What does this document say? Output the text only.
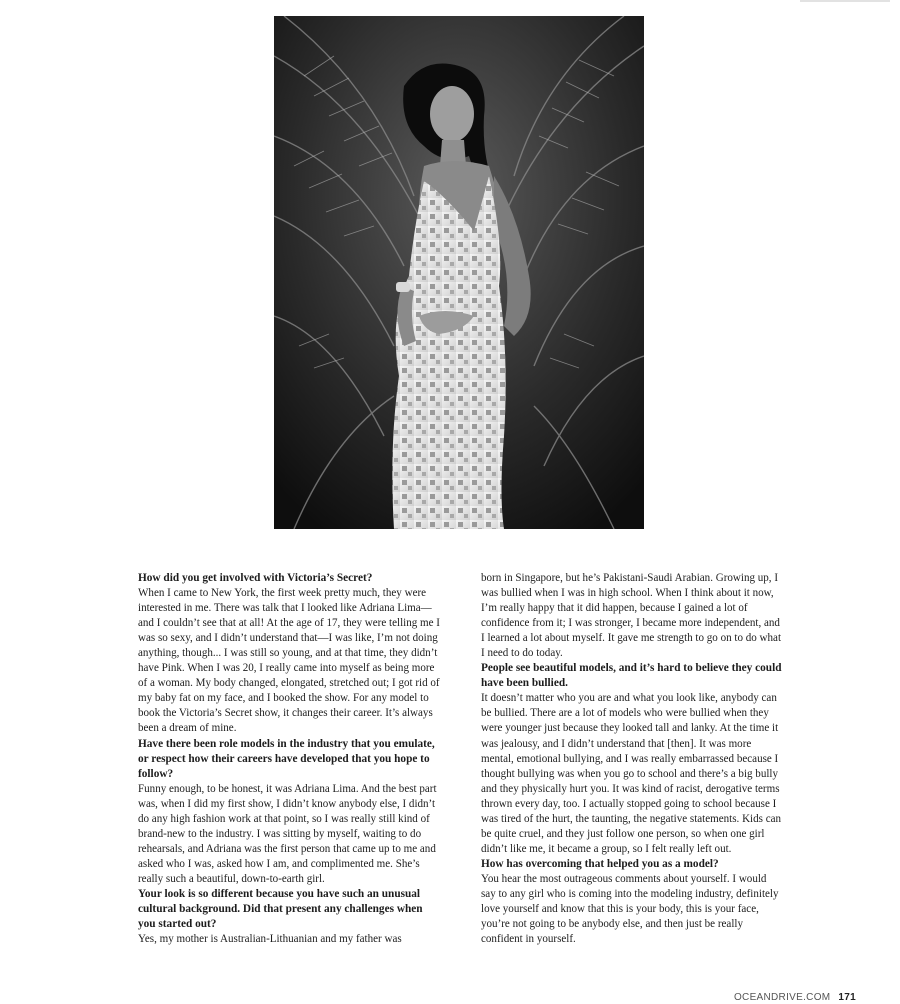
How did you get involved with Victoria’s Secret?

When I came to New York, the first week pretty much, they were interested in me. There was talk that I looked like Adriana Lima—and I couldn’t see that at all! At the age of 17, they were telling me I was so sexy, and I didn’t understand that—I was like, I’m not doing anything, though... I was still so young, and at that time, they didn’t have Pink. When I was 20, I really came into myself as being more of a woman. My body changed, elongated, stretched out; I got rid of my baby fat on my face, and I booked the show. For any model to book the Victoria’s Secret show, it changes their career. It’s always been a dream of mine.

Have there been role models in the industry that you emulate, or respect how their careers have developed that you hope to follow?

Funny enough, to be honest, it was Adriana Lima. And the best part was, when I did my first show, I didn’t know anybody else, I didn’t do any high fashion work at that point, so I was really still kind of brand-new to the industry. I was sitting by myself, waiting to do rehearsals, and Adriana was the first person that came up to me and asked who I was, asked how I am, and complimented me. She’s really such a beautiful, down-to-earth girl.

Your look is so different because you have such an unusual cultural background. Did that present any challenges when you started out?

Yes, my mother is Australian-Lithuanian and my father was

born in Singapore, but he’s Pakistani-Saudi Arabian. Growing up, I was bullied when I was in high school. When I think about it now, I’m really happy that it did happen, because I gained a lot of confidence from it; I was stronger, I became more independent, and I learned a lot about myself. It gave me strength to go on to do what I need to do today.

People see beautiful models, and it’s hard to believe they could have been bullied.

It doesn’t matter who you are and what you look like, anybody can be bullied. There are a lot of models who were bullied when they were younger just because they looked tall and lanky. At the time it was jealousy, and I didn’t understand that [then]. It was more mental, emotional bullying, and I was really embarrassed because I thought bullying was when you go to school and there’s a big bully and they physically hurt you. It was kind of racist, derogative terms thrown every day, too. I actually stopped going to school because I was tired of the hurt, the taunting, the negative statements. Kids can be quite cruel, and they just follow one person, so when one girl didn’t like me, it became a group, so I felt really left out.

How has overcoming that helped you as a model?

You hear the most outrageous comments about yourself. I would say to any girl who is coming into the modeling industry, definitely love yourself and know that this is your body, this is your face, you’re not going to be anybody else, and then just be really confident in yourself.

OCEANDRIVE.COM 171
